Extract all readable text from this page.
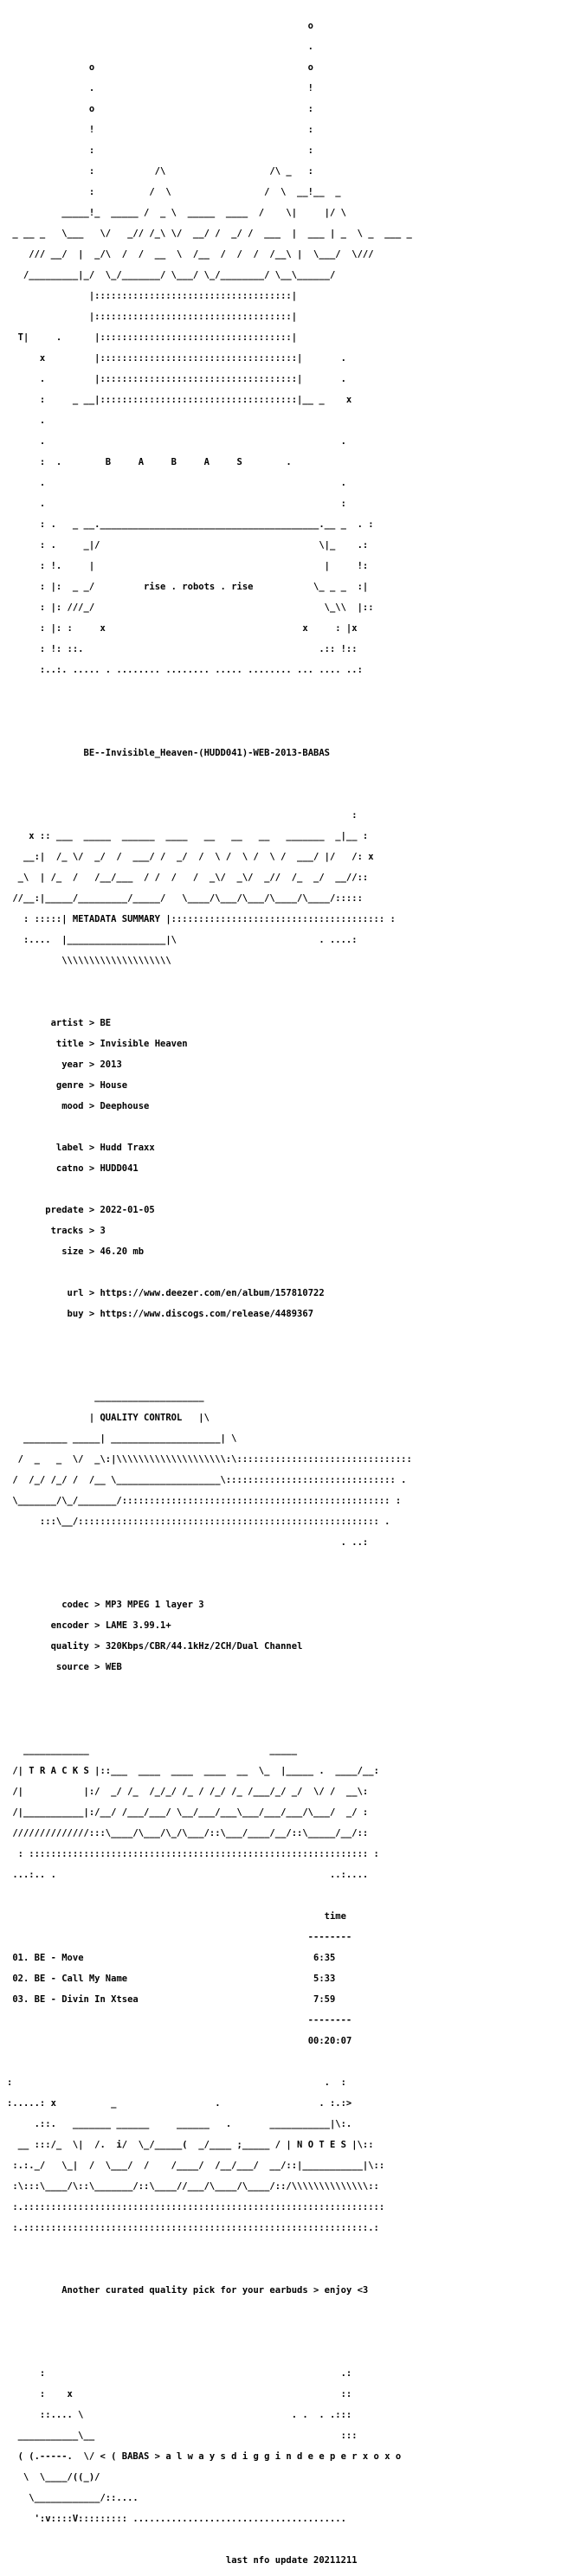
o

.

o                                       o

.                                       !

o                                       :

!                                       :

:                                       :

:           /\                   /\ _   :

:          /  \                 /  \  __!__  _

_____!_  _____ /  _ \  _____  ____  /    \|     |/ \

_ __ _   \___   \/   _// /_\ \/  __/ /  _/ /  ___  |  ___ | _  \ _  ___ _

/// __/  |  _/\  /  /  __  \  /__  /  /  /  /__\ |  \___/  \///

/_________|_/  \_/_______/ \___/ \_/________/ \__\______/

|::::::::::::::::::::::::::::::::::::|

|::::::::::::::::::::::::::::::::::::|

T|     .      |:::::::::::::::::::::::::::::::::::|

x         |::::::::::::::::::::::::::::::::::::|       .

.         |::::::::::::::::::::::::::::::::::::|       .

:     _ __|::::::::::::::::::::::::::::::::::::|__ _    x

.

.                                                      .

:  .        B     A     B     A     S        .

.                                                      .

.                                                      :

: .   _ __.________________________________________.__ _  . :

: .     _|/                                        \|_    .:

: !.     |                                          |     !:

: |:  _ _/         rise . robots . rise           \_ _ _  :|

: |: ///_/                                          \_\\  |::

: |: :     x                                    x     : |x

: !: ::.                                           .:: !::

:..:. ..... . ........ ........ ..... ........ ... .... ..:

BE--Invisible_Heaven-(HUDD041)-WEB-2013-BABAS

:

x :: ___  _____  ______  ____   __   __   __   _______  _|__ :

__:|  /_ \/  _/  /  ___/ /  _/  /  \ /  \ /  \ /  ___/ |/   /: x

_\  | /_  /   /__/___  / /  /   /  _\/  _\/  _//  /_  _/  __//::

//__:|_____/_________/_____/   \____/\___/\___/\____/\____/:::::

: :::::| METADATA SUMMARY |::::::::::::::::::::::::::::::::::::::: :

:....  |__________________|\                          . ....:

\\\\\\\\\\\\\\\\\\\\

artist > BE

title > Invisible Heaven

year > 2013

genre > House

mood > Deephouse

label > Hudd Traxx

catno > HUDD041

predate > 2022-01-05

tracks > 3

size > 46.20 mb

url > https://www.deezer.com/en/album/157810722

buy > https://www.discogs.com/release/4489367

____________________

| QUALITY CONTROL   |\

________ _____| ____________________| \

/  _   _  \/  _\:|\\\\\\\\\\\\\\\\\\\\:\::::::::::::::::::::::::::::::::

/  /_/ /_/ /  /__ \___________________\::::::::::::::::::::::::::::::: .

\_______/\_/_______/::::::::::::::::::::::::::::::::::::::::::::::::: :

:::\__/::::::::::::::::::::::::::::::::::::::::::::::::::::::: .

. ..:

codec > MP3 MPEG 1 layer 3

encoder > LAME 3.99.1+

quality > 320Kbps/CBR/44.1kHz/2CH/Dual Channel

source > WEB

____________                                 _____

/| T R A C K S |::___  ____  ____  ____  __  \_  |_____ .  ____/__:

/|           |:/  _/ /_  /_/_/ /_ / /_/ /_ /___/_/ _/  \/ /  __\:

/|___________|:/__/ /___/___/ \__/___/___\___/___/___/\___/  _/ :

//////////////:::\____/\___/\_/\___/::\___/____/__/::\_____/__/::

: :::::::::::::::::::::::::::::::::::::::::::::::::::::::::::::: :

...:.. .                                                  ..:....

time

--------

01. BE - Move	6:35

02. BE - Call My Name	5:33

03. BE - Divin In Xtsea	7:59

--------

00:20:07

:                                                         .  :

:.....: x          _                  .                  . :.:>

.::.   _______ ______     ______   .       ___________|\:.

__ :::/_  \|  /.  i/  \_/_____(  _/____ ;_____ / | N O T E S |\::

:.:._/   \_|  /  \___/  /    /____/  /__/___/  __/::|___________|\::

:\:::\____/\::\_______/::\____//___/\____/\____/::/\\\\\\\\\\\\\\::

:.::::::::::::::::::::::::::::::::::::::::::::::::::::::::::::::::::

:.:::::::::::::::::::::::::::::::::::::::::::::::::::::::::::::::.:

Another curated quality pick for your earbuds > enjoy <3

:                                                      .:

:    x                                                 ::

::.... \                                      . .  . .:::

___________\__                                             :::

( (.-----.  \/ < ( BABAS > a l w a y s d i g g i n d e e p e r x o x o

\  \____/((_)/

\____________/::....

':v::::V::::::::: .......................................

last nfo update 20211211
